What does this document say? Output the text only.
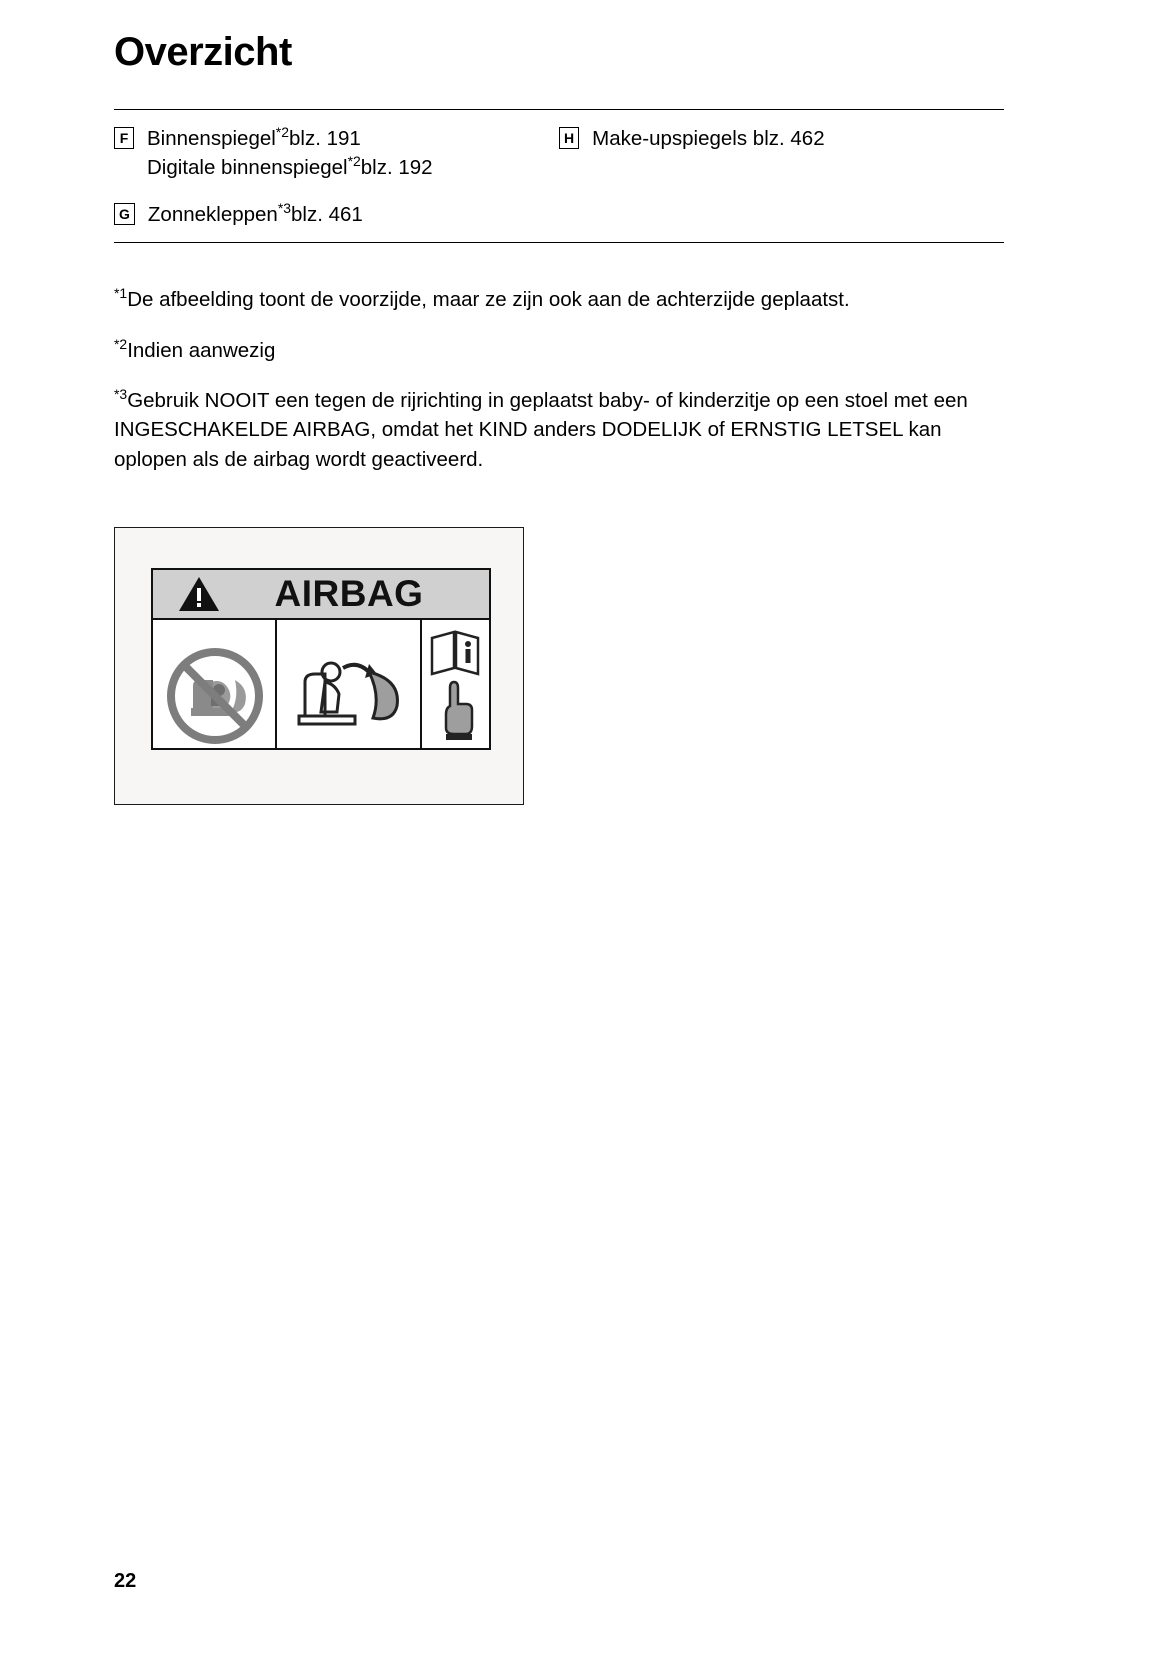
Overzicht
F Binnenspiegel$^{*2}$blz. 191
Digitale binnenspiegel$^{*2}$blz. 192
G Zonnekleppen$^{*3}$blz. 461

H Make-upspiegels blz. 462

$^{*1}$De afbeelding toont de voorzijde, maar ze zijn ook aan de achterzijde geplaatst.

$^{*2}$Indien aanwezig

$^{*3}$Gebruik NOOIT een tegen de rijrichting in geplaatst baby- of kinderzitje op een stoel met een INGESCHAKELDE AIRBAG, omdat het KIND anders DODELIJK of ERNSTIG LETSEL kan oplopen als de airbag wordt geactiveerd.

AIRBAG
22
